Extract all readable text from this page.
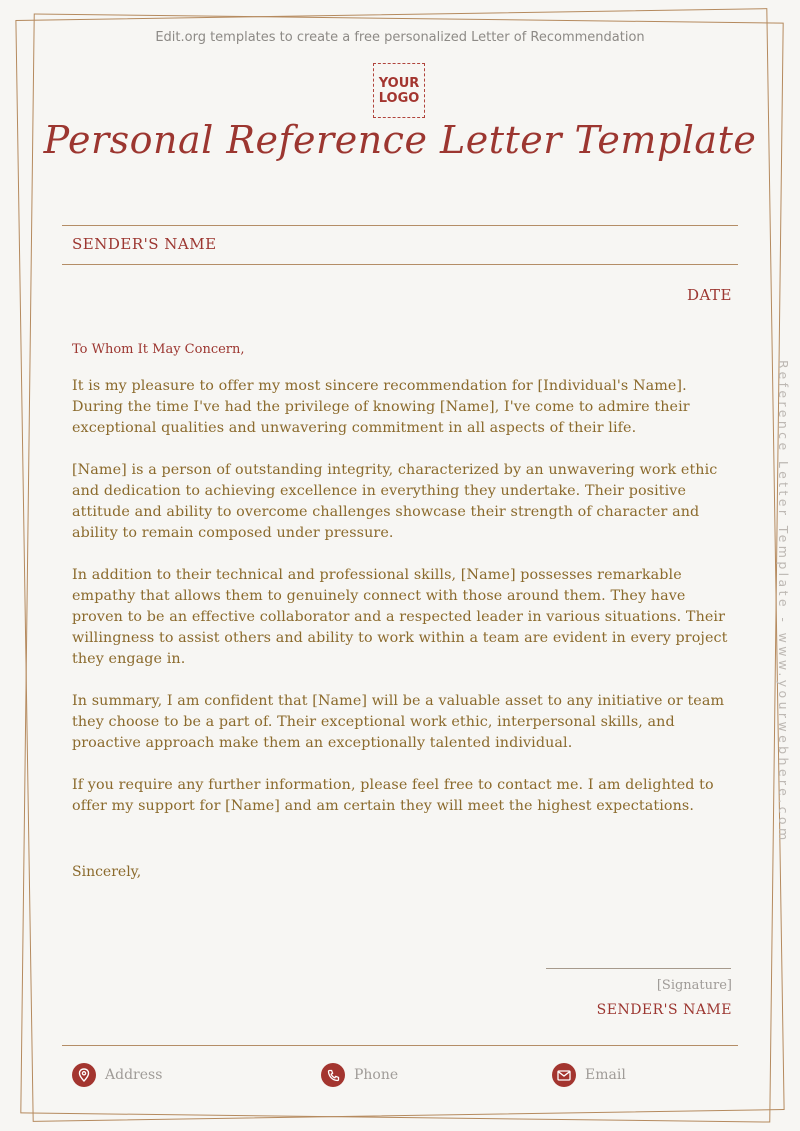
Edit.org templates to create a free personalized Letter of Recommendation
YOUR
LOGO
Personal Reference Letter Template
SENDER'S NAME
DATE
To Whom It May Concern,

It is my pleasure to offer my most sincere recommendation for [Individual's Name]. During the time I've had the privilege of knowing [Name], I've come to admire their exceptional qualities and unwavering commitment in all aspects of their life.

[Name] is a person of outstanding integrity, characterized by an unwavering work ethic and dedication to achieving excellence in everything they undertake. Their positive attitude and ability to overcome challenges showcase their strength of character and ability to remain composed under pressure.

In addition to their technical and professional skills, [Name] possesses remarkable empathy that allows them to genuinely connect with those around them. They have proven to be an effective collaborator and a respected leader in various situations. Their willingness to assist others and ability to work within a team are evident in every project they engage in.

In summary, I am confident that [Name] will be a valuable asset to any initiative or team they choose to be a part of. Their exceptional work ethic, interpersonal skills, and proactive approach make them an exceptionally talented individual.

If you require any further information, please feel free to contact me. I am delighted to offer my support for [Name] and am certain they will meet the highest expectations.

Sincerely,
[Signature]
SENDER'S NAME
Address	Phone	Email
Reference Letter Template - www.yourwebhere.com
